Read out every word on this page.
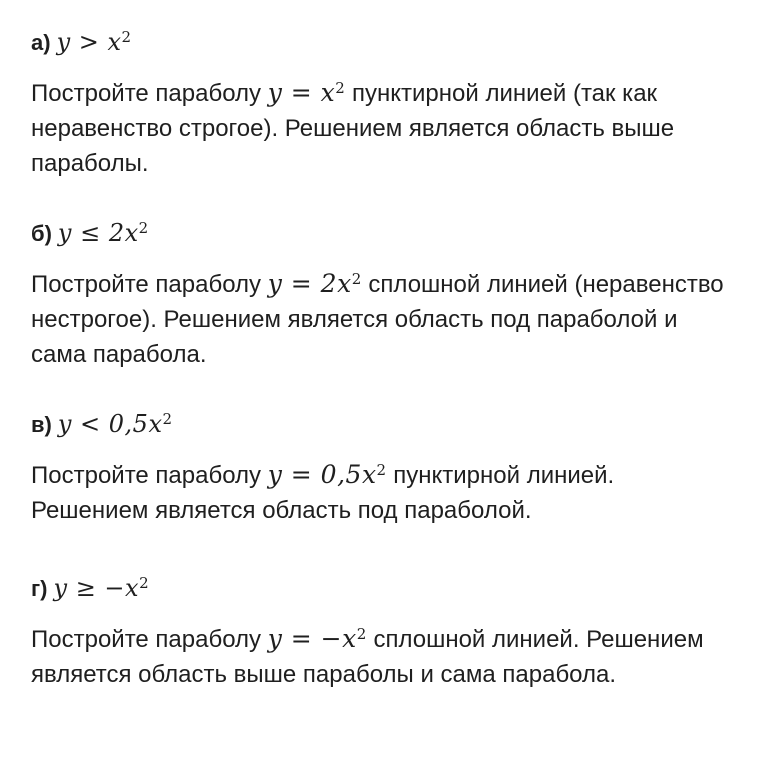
а) $y > x^2$

Постройте параболу $y = x^2$ пунктирной линией (так как неравенство строгое). Решением является область выше параболы.

б) $y \le 2x^2$

Постройте параболу $y = 2x^2$ сплошной линией (неравенство нестрогое). Решением является область под параболой и сама парабола.

в) $y < 0,5x^2$

Постройте параболу $y = 0,5x^2$ пунктирной линией. Решением является область под параболой.

г) $y \ge -x^2$

Постройте параболу $y = -x^2$ сплошной линией. Решением является область выше параболы и сама парабола.
